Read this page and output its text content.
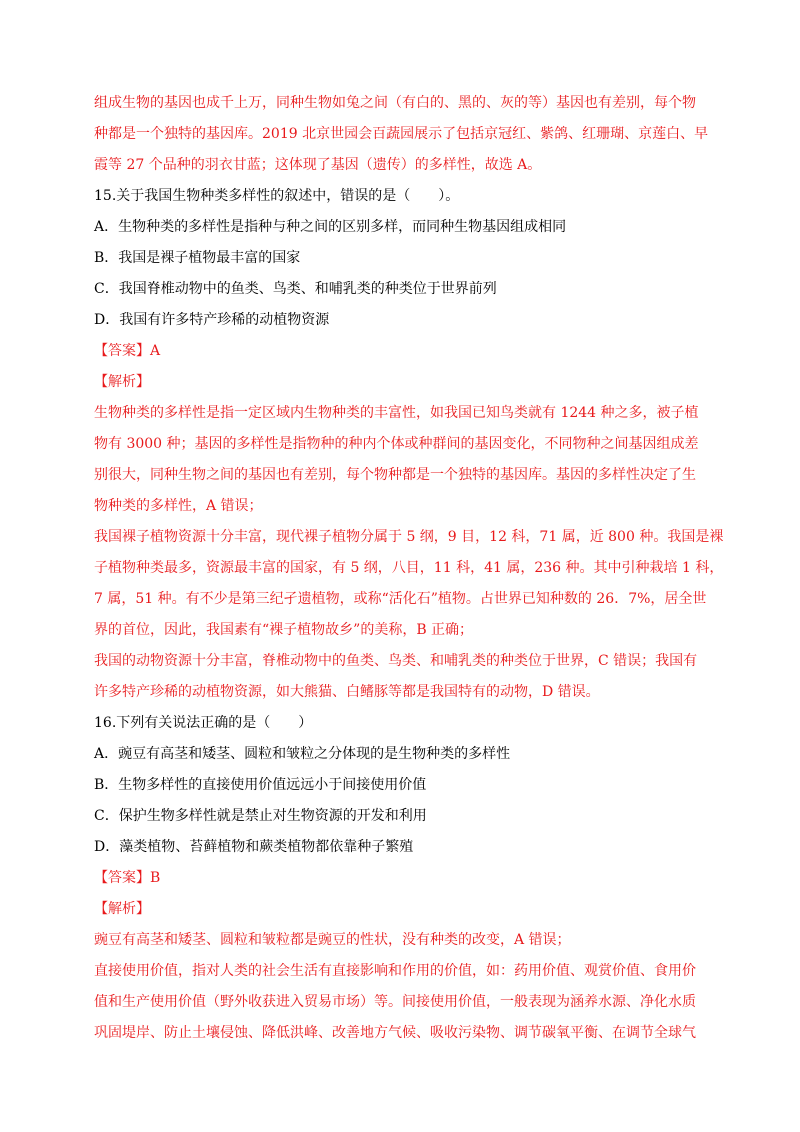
组成生物的基因也成千上万，同种生物如兔之间（有白的、黑的、灰的等）基因也有差别，每个物
种都是一个独特的基因库。2019 北京世园会百蔬园展示了包括京冠红、紫鸽、红珊瑚、京莲白、早
霞等 27 个品种的羽衣甘蓝；这体现了基因（遗传）的多样性，故选 A。
15.关于我国生物种类多样性的叙述中，错误的是（　　）。
A．生物种类的多样性是指种与种之间的区别多样，而同种生物基因组成相同
B．我国是裸子植物最丰富的国家
C．我国脊椎动物中的鱼类、鸟类、和哺乳类的种类位于世界前列
D．我国有许多特产珍稀的动植物资源
【答案】A
【解析】
生物种类的多样性是指一定区域内生物种类的丰富性，如我国已知鸟类就有 1244 种之多，被子植
物有 3000 种；基因的多样性是指物种的种内个体或种群间的基因变化，不同物种之间基因组成差
别很大，同种生物之间的基因也有差别，每个物种都是一个独特的基因库。基因的多样性决定了生
物种类的多样性，A 错误；
我国裸子植物资源十分丰富，现代裸子植物分属于 5 纲，9 目，12 科，71 属，近 800 种。我国是裸
子植物种类最多，资源最丰富的国家，有 5 纲，八目，11 科，41 属，236 种。其中引种栽培 1 科，
7 属，51 种。有不少是第三纪孑遗植物，或称“活化石”植物。占世界已知种数的 26．7%，居全世
界的首位，因此，我国素有“裸子植物故乡”的美称，B 正确；
我国的动物资源十分丰富，脊椎动物中的鱼类、鸟类、和哺乳类的种类位于世界，C 错误；我国有
许多特产珍稀的动植物资源，如大熊猫、白鳍豚等都是我国特有的动物，D 错误。
16.下列有关说法正确的是（　　）
A．豌豆有高茎和矮茎、圆粒和皱粒之分体现的是生物种类的多样性
B．生物多样性的直接使用价值远远小于间接使用价值
C．保护生物多样性就是禁止对生物资源的开发和利用
D．藻类植物、苔藓植物和蕨类植物都依靠种子繁殖
【答案】B
【解析】
豌豆有高茎和矮茎、圆粒和皱粒都是豌豆的性状，没有种类的改变，A 错误；
直接使用价值，指对人类的社会生活有直接影响和作用的价值，如：药用价值、观赏价值、食用价
值和生产使用价值（野外收获进入贸易市场）等。间接使用价值，一般表现为涵养水源、净化水质
巩固堤岸、防止土壤侵蚀、降低洪峰、改善地方气候、吸收污染物、调节碳氧平衡、在调节全球气
